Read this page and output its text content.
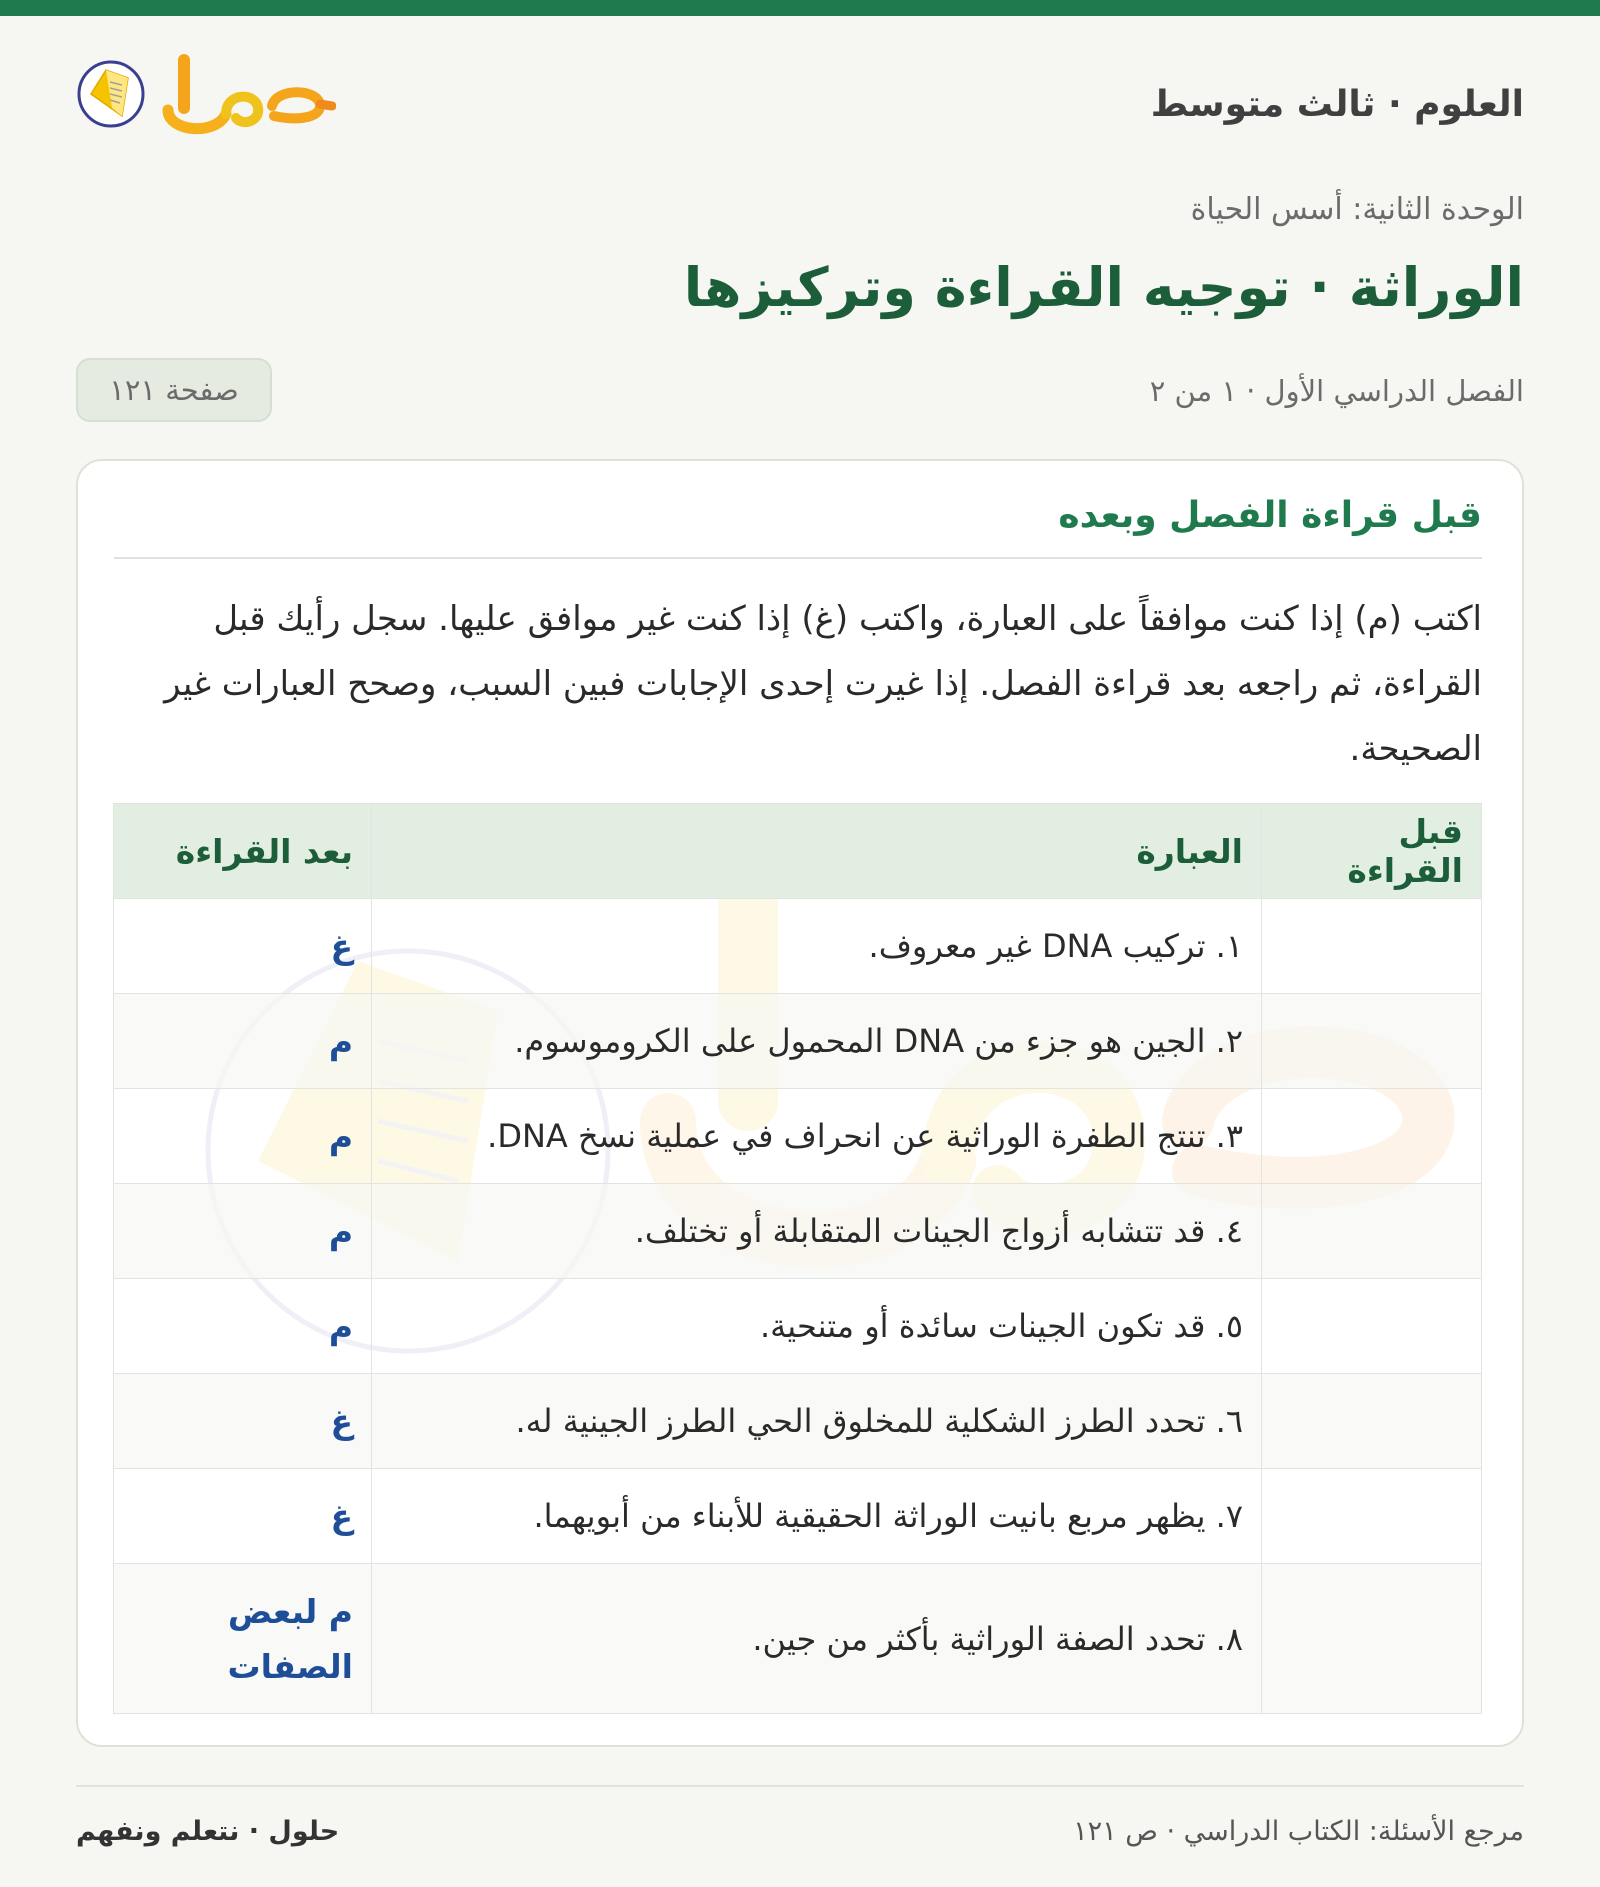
العلوم · ثالث متوسط
الوحدة الثانية: أسس الحياة
الوراثة · توجيه القراءة وتركيزها
الفصل الدراسي الأول · ١ من ٢
صفحة ١٢١
قبل قراءة الفصل وبعده

اكتب (م) إذا كنت موافقاً على العبارة، واكتب (غ) إذا كنت غير موافق عليها. سجل رأيك قبل القراءة، ثم راجعه بعد قراءة الفصل. إذا غيرت إحدى الإجابات فبين السبب، وصحح العبارات غير الصحيحة.

قبل القراءة	العبارة	بعد القراءة
	١. تركيب DNA غير معروف.	غ
	٢. الجين هو جزء من DNA المحمول على الكروموسوم.	م
	٣. تنتج الطفرة الوراثية عن انحراف في عملية نسخ DNA.	م
	٤. قد تتشابه أزواج الجينات المتقابلة أو تختلف.	م
	٥. قد تكون الجينات سائدة أو متنحية.	م
	٦. تحدد الطرز الشكلية للمخلوق الحي الطرز الجينية له.	غ
	٧. يظهر مربع بانيت الوراثة الحقيقية للأبناء من أبويهما.	غ
	٨. تحدد الصفة الوراثية بأكثر من جين.	م لبعض الصفات
مرجع الأسئلة: الكتاب الدراسي · ص ١٢١
حلول · نتعلم ونفهم
